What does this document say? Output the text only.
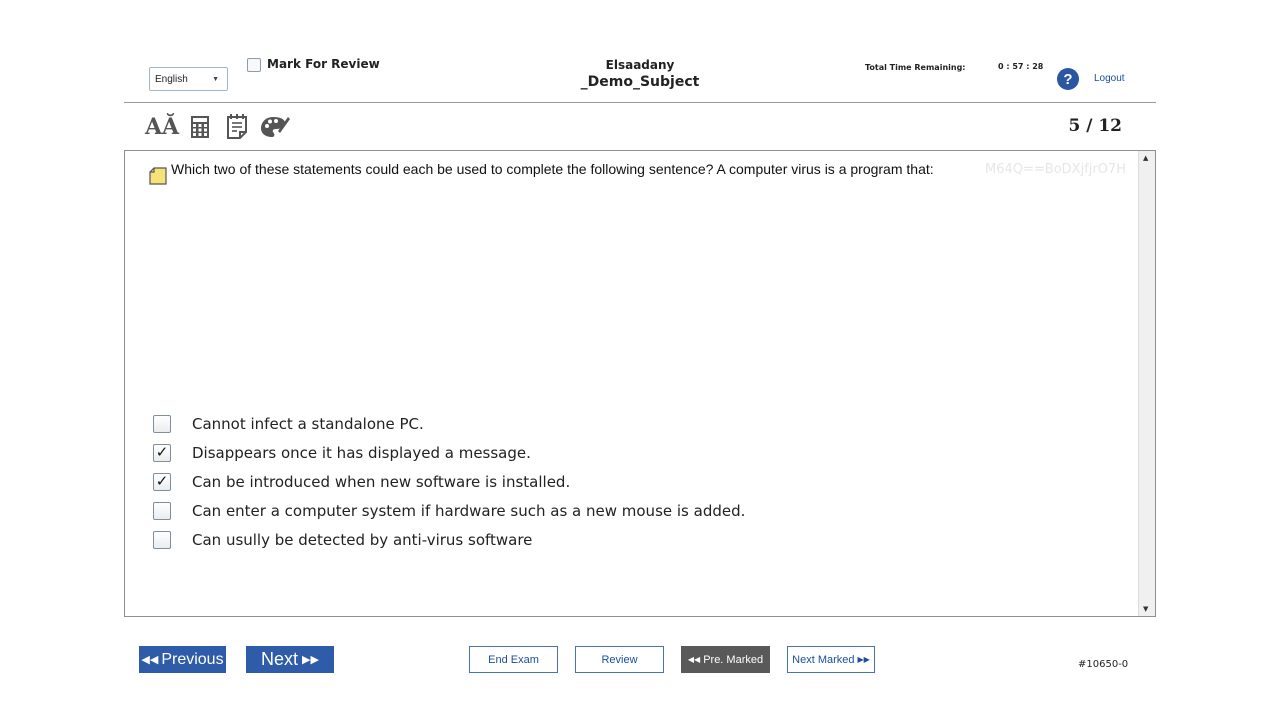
English	▼
Mark For Review	Elsaadany
_Demo_Subject
Total Time Remaining:	0 : 57 : 28
?	Logout
AĂ	5 / 12
Which two of these statements could each be used to complete the following sentence? A computer virus is a program that:	M64Q==BoDXjfjrO7H
Cannot infect a standalone PC.
✓ Disappears once it has displayed a message.
✓ Can be introduced when new software is installed.
Can enter a computer system if hardware such as a new mouse is added.
Can usully be detected by anti-virus software
▲
▼
◀◀ Previous Next ▶▶	End Exam	Review	◀◀ Pre. Marked	Next Marked ▶▶	#10650-0
